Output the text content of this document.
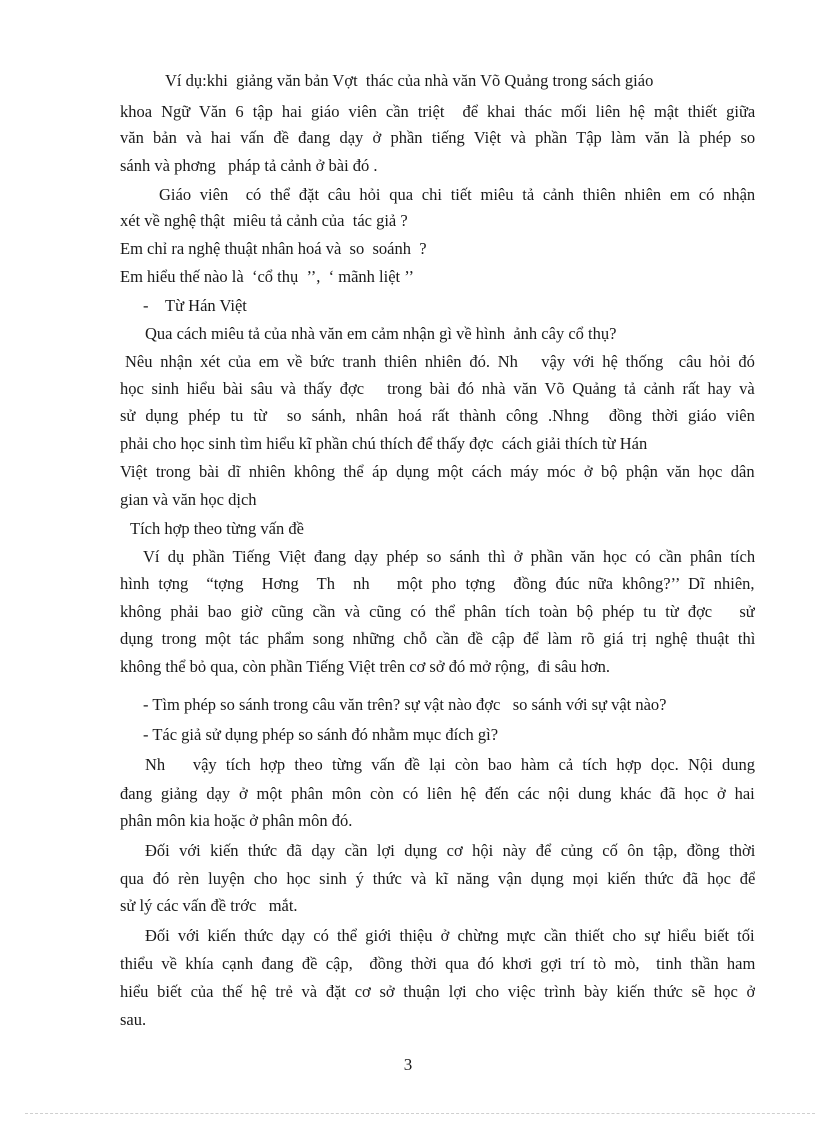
Ví dụ:khi  giảng văn bản Vợt  thác của nhà văn Võ Quảng trong sách giáo
khoa Ngữ Văn 6 tập hai giáo viên cần triệt  để khai thác mối liên hệ mật thiết giữa
văn bản và hai vấn đề đang dạy ở phần tiếng Việt và phần Tập làm văn là phép so
sánh và phơng   pháp tả cảnh ở bài đó .
Giáo viên  có thể đặt câu hỏi qua chi tiết miêu tả cảnh thiên nhiên em có nhận
xét về nghệ thật  miêu tả cảnh của  tác giả ?
Em chỉ ra nghệ thuật nhân hoá và  so  soánh  ?
Em hiểu thế nào là  ‘cổ thụ  ’’,  ‘ mãnh liệt ’’
- Từ Hán Việt
Qua cách miêu tả của nhà văn em cảm nhận gì về hình  ảnh cây cổ thụ?
Nêu nhận xét của em về bức tranh thiên nhiên đó. Nh   vậy với hệ thống  câu hỏi đó
học sinh hiểu bài sâu và thấy đợc   trong bài đó nhà văn Võ Quảng tả cảnh rất hay và
sử dụng phép tu từ  so sánh, nhân hoá rất thành công .Nhng  đồng thời giáo viên
phải cho học sinh tìm hiểu kĩ phần chú thích để thấy đợc  cách giải thích từ Hán
Việt trong bài dĩ nhiên không thể áp dụng một cách máy móc ở bộ phận văn học dân
gian và văn học dịch
Tích hợp theo từng vấn đề
Ví dụ phần Tiếng Việt đang dạy phép so sánh thì ở phần văn học có cần phân tích
hình tợng  “tợng  Hơng  Th  nh   một pho tợng  đồng đúc nữa không?’’ Dĩ nhiên,
không phải bao giờ cũng cần và cũng có thể phân tích toàn bộ phép tu từ đợc   sử
dụng trong một tác phẩm song những chỗ cần đề cập để làm rõ giá trị nghệ thuật thì
không thể bỏ qua, còn phần Tiếng Việt trên cơ sở đó mở rộng,  đi sâu hơn.
- Tìm phép so sánh trong câu văn trên? sự vật nào đợc   so sánh với sự vật nào?
- Tác giả sử dụng phép so sánh đó nhằm mục đích gì?
Nh   vậy tích hợp theo từng vấn đề lại còn bao hàm cả tích hợp dọc. Nội dung
đang giảng dạy ở một phân môn còn có liên hệ đến các nội dung khác đã học ở hai
phân môn kia hoặc ở phân môn đó.
Đối với kiến thức đã dạy cần lợi dụng cơ hội này để củng cố ôn tập, đồng thời
qua đó rèn luyện cho học sinh ý thức và kĩ năng vận dụng mọi kiến thức đã học để
sử lý các vấn đề trớc   mắt.
Đối với kiến thức dạy có thể giới thiệu ở chừng mực cần thiết cho sự hiểu biết tối
thiểu về khía cạnh đang đề cập,  đồng thời qua đó khơi gợi trí tò mò,  tinh thần ham
hiểu biết của thế hệ trẻ và đặt cơ sở thuận lợi cho việc trình bày kiến thức sẽ học ở
sau.
3
